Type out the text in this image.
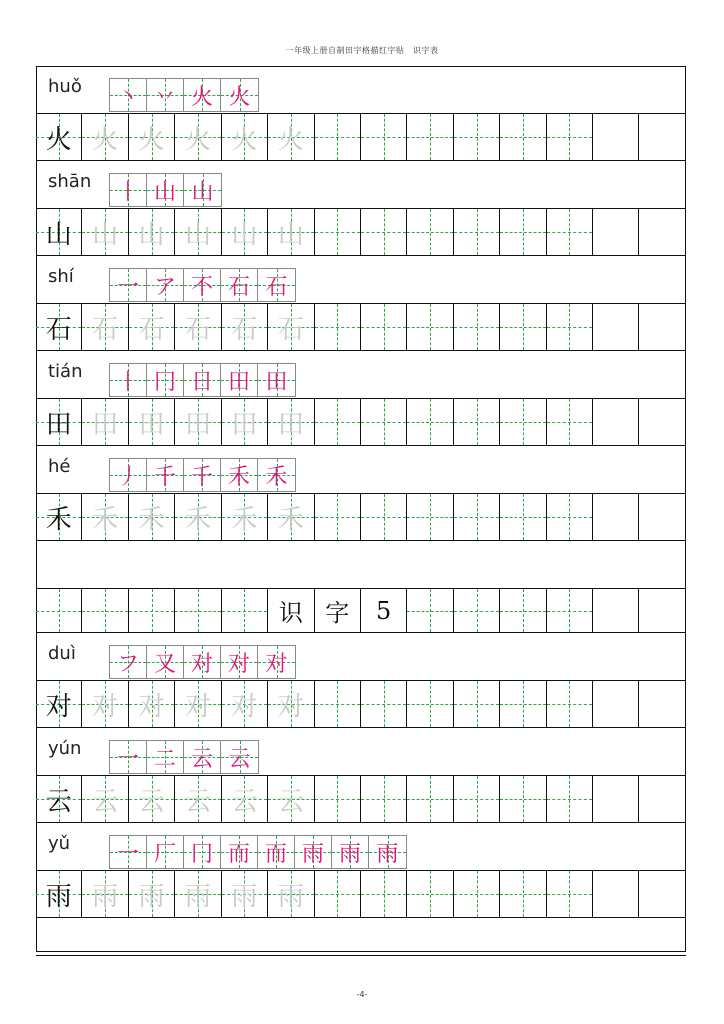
一年级上册自制田字格描红字贴　识字表
huǒ 丶 丷 火 火
火 火 火 火 火 火
shān 丨 山 山
山 山 山 山 山 山
shí 一 ア 不 石 石
石 石 石 石 石 石
tián 丨 冂 日 田 田
田 田 田 田 田 田
hé 丿 千 千 禾 禾
禾 禾 禾 禾 禾 禾
识 字 5
duì フ 又 对 对 对
对 对 对 对 对 对
yún 一 二 云 云
云 云 云 云 云 云
yǔ 一 厂 冂 而 而 雨 雨 雨
雨 雨 雨 雨 雨 雨
-4-
